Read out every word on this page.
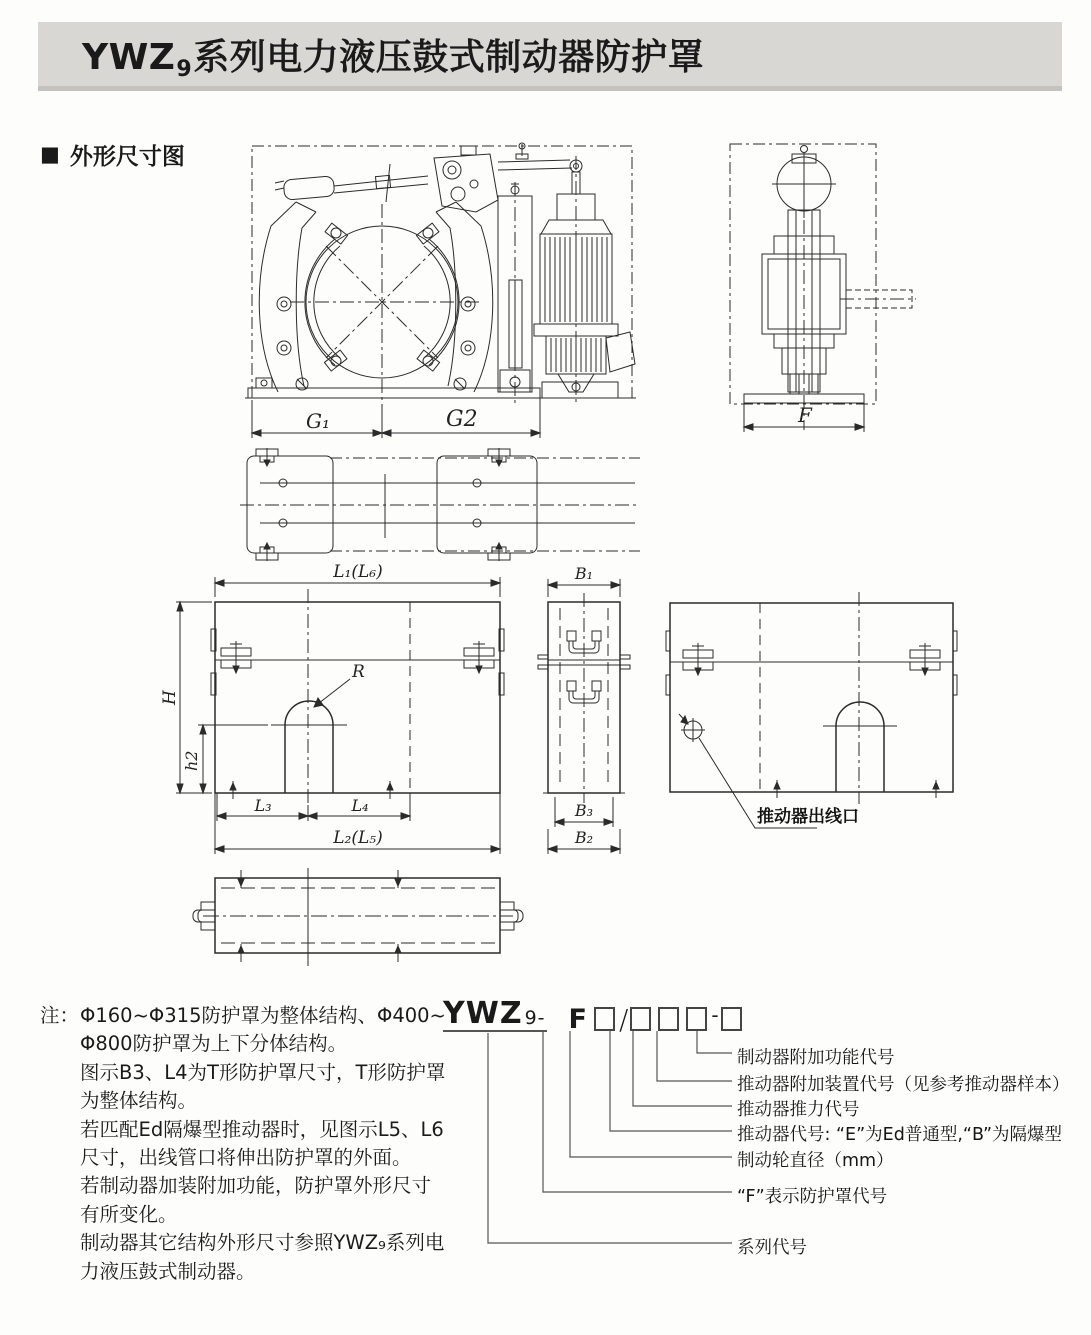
YWZ9系列电力液压鼓式制动器防护罩
■ 外形尺寸图
G₁	G2	F
R
H
h2
L₁(L₆)
L₃	L₄
L₂(L₅)
B₁
B₃
B₂
推动器出线口
注： Φ160~Φ315防护罩为整体结构、Φ400~
Φ800防护罩为上下分体结构。
图示B3、L4为T形防护罩尺寸，T形防护罩
为整体结构。
若匹配Ed隔爆型推动器时，见图示L5、L6
尺寸，出线管口将伸出防护罩的外面。
若制动器加装附加功能，防护罩外形尺寸
有所变化。
制动器其它结构外形尺寸参照YWZ₉系列电
力液压鼓式制动器。
YWZ 9 - F /	-
制动器附加功能代号
推动器附加装置代号（见参考推动器样本）
推动器推力代号
推动器代号: “E”为Ed普通型,“B”为隔爆型
制动轮直径（mm）
“F”表示防护罩代号
系列代号
